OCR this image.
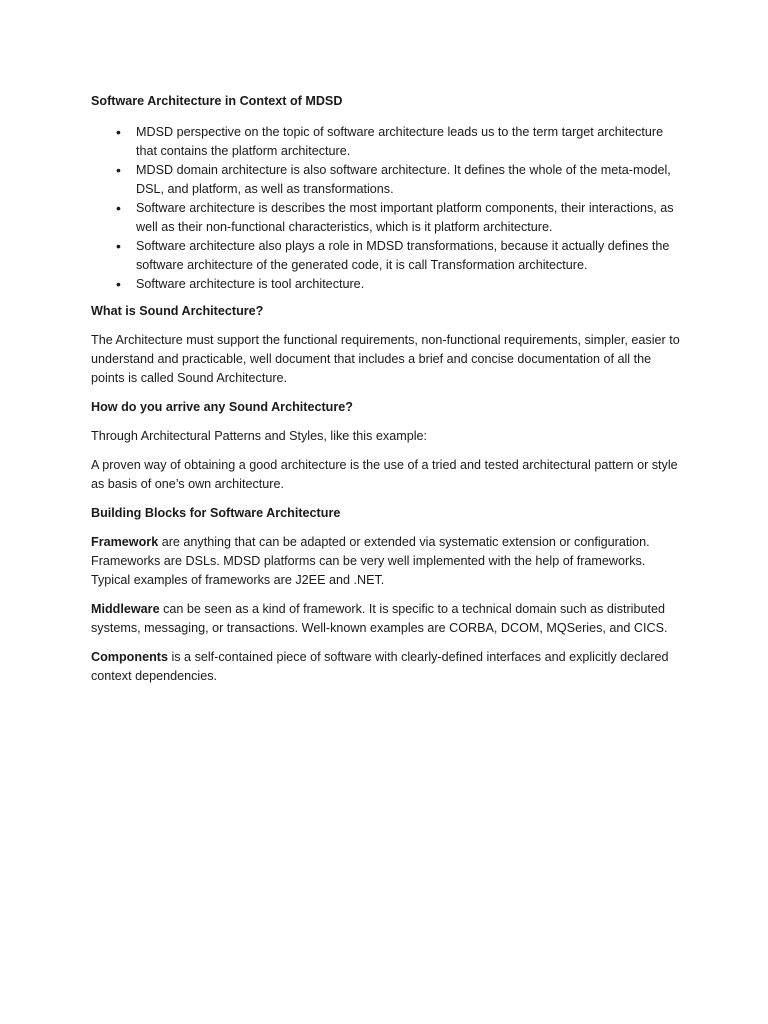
Software Architecture in Context of MDSD

• MDSD perspective on the topic of software architecture leads us to the term target architecture that contains the platform architecture.
• MDSD domain architecture is also software architecture. It defines the whole of the meta-model, DSL, and platform, as well as transformations.
• Software architecture is describes the most important platform components, their interactions, as well as their non-functional characteristics, which is it platform architecture.
• Software architecture also plays a role in MDSD transformations, because it actually defines the software architecture of the generated code, it is call Transformation architecture.
• Software architecture is tool architecture.

What is Sound Architecture?

The Architecture must support the functional requirements, non-functional requirements, simpler, easier to understand and practicable, well document that includes a brief and concise documentation of all the points is called Sound Architecture.

How do you arrive any Sound Architecture?

Through Architectural Patterns and Styles, like this example:

A proven way of obtaining a good architecture is the use of a tried and tested architectural pattern or style as basis of one’s own architecture.

Building Blocks for Software Architecture

Framework are anything that can be adapted or extended via systematic extension or configuration. Frameworks are DSLs. MDSD platforms can be very well implemented with the help of frameworks. Typical examples of frameworks are J2EE and .NET.

Middleware can be seen as a kind of framework. It is specific to a technical domain such as distributed systems, messaging, or transactions. Well-known examples are CORBA, DCOM, MQSeries, and CICS.

Components is a self-contained piece of software with clearly-defined interfaces and explicitly declared context dependencies.
